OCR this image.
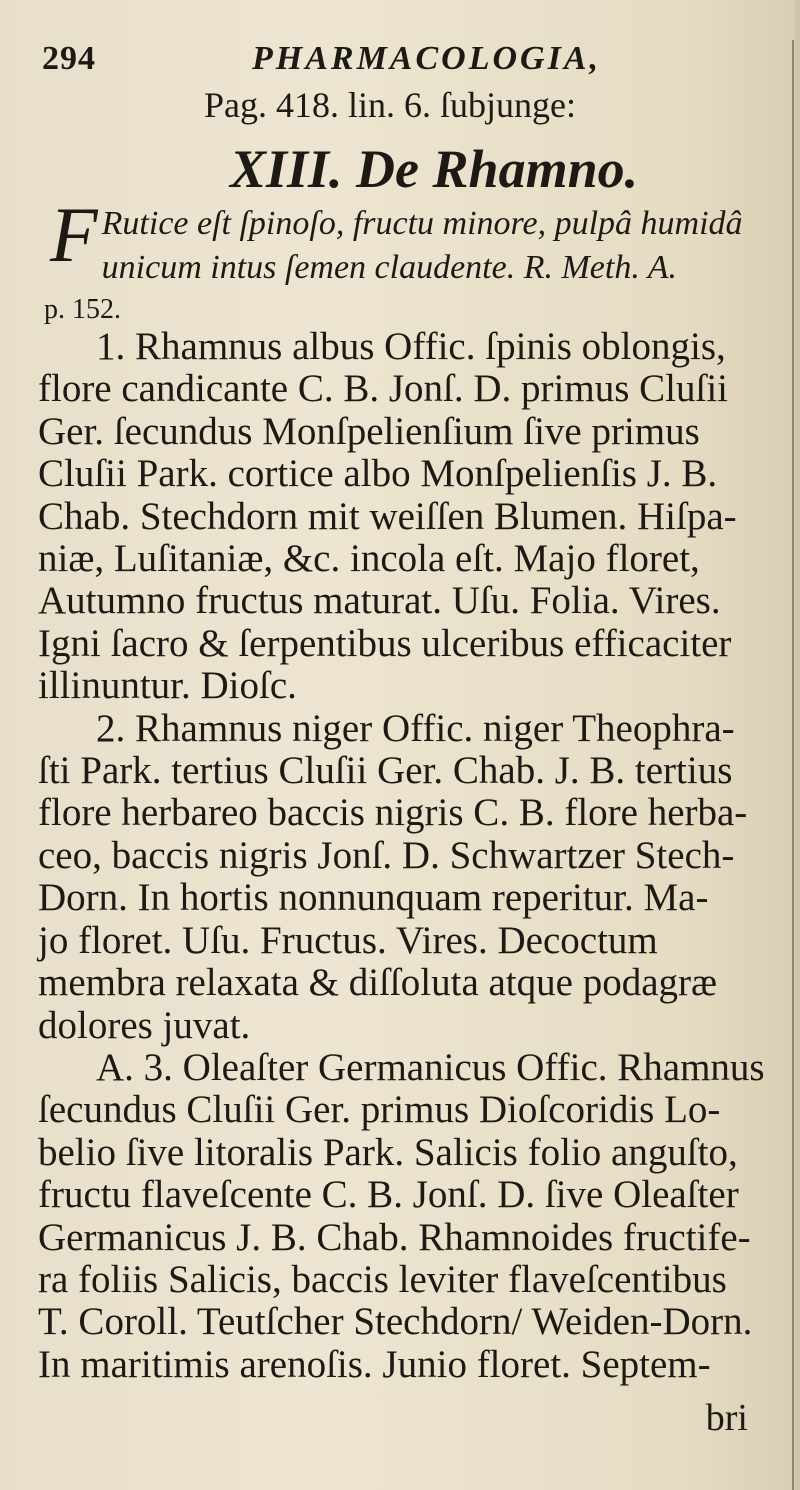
294	PHARMACOLOGIA,
Pag. 418. lin. 6. ſubjunge:
XIII. De Rhamno.
F Rutice eſt ſpinoſo, fructu minore, pulpâ humidâ
unicum intus ſemen claudente. R. Meth. A.
p. 152.
1. Rhamnus albus Offic. ſpinis oblongis,
flore candicante C. B. Jonſ. D. primus Cluſii
Ger. ſecundus Monſpelienſium ſive primus
Cluſii Park. cortice albo Monſpelienſis J. B.
Chab. Stechdorn mit weiſſen Blumen. Hiſpa-
niæ, Luſitaniæ, &c. incola eſt. Majo floret,
Autumno fructus maturat. Uſu. Folia. Vires.
Igni ſacro & ſerpentibus ulceribus efficaciter
illinuntur. Dioſc.
2. Rhamnus niger Offic. niger Theophra-
ſti Park. tertius Cluſii Ger. Chab. J. B. tertius
flore herbareo baccis nigris C. B. flore herba-
ceo, baccis nigris Jonſ. D. Schwartzer Stech-
Dorn. In hortis nonnunquam reperitur. Ma-
jo floret. Uſu. Fructus. Vires. Decoctum
membra relaxata & diſſoluta atque podagræ
dolores juvat.
A. 3. Oleaſter Germanicus Offic. Rhamnus
ſecundus Cluſii Ger. primus Dioſcoridis Lo-
belio ſive litoralis Park. Salicis folio anguſto,
fructu flaveſcente C. B. Jonſ. D. ſive Oleaſter
Germanicus J. B. Chab. Rhamnoides fructife-
ra foliis Salicis, baccis leviter flaveſcentibus
T. Coroll. Teutſcher Stechdorn/ Weiden-Dorn.
In maritimis arenoſis. Junio floret. Septem-
bri
